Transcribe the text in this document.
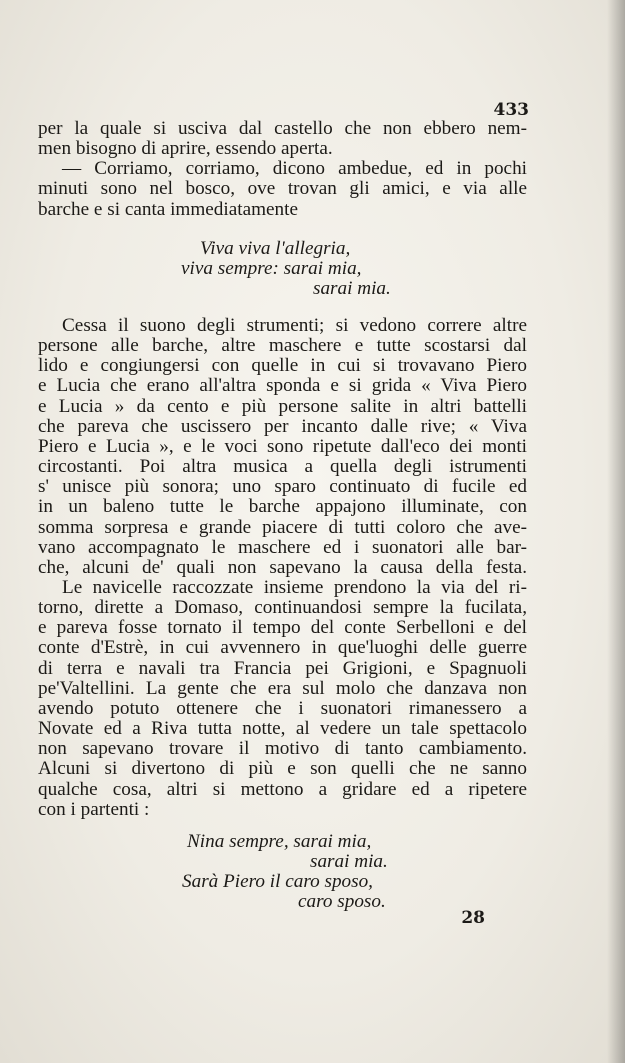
433
per la quale si usciva dal castello che non ebbero nem-
men bisogno di aprire, essendo aperta.
— Corriamo, corriamo, dicono ambedue, ed in pochi
minuti sono nel bosco, ove trovan gli amici, e via alle
barche e si canta immediatamente
Viva viva l'allegria,
viva sempre: sarai mia,
sarai mia.
Cessa il suono degli strumenti; si vedono correre altre
persone alle barche, altre maschere e tutte scostarsi dal
lido e congiungersi con quelle in cui si trovavano Piero
e Lucia che erano all'altra sponda e si grida « Viva Piero
e Lucia » da cento e più persone salite in altri battelli
che pareva che uscissero per incanto dalle rive; « Viva
Piero e Lucia », e le voci sono ripetute dall'eco dei monti
circostanti. Poi altra musica a quella degli istrumenti
s' unisce più sonora; uno sparo continuato di fucile ed
in un baleno tutte le barche appajono illuminate, con
somma sorpresa e grande piacere di tutti coloro che ave-
vano accompagnato le maschere ed i suonatori alle bar-
che, alcuni de' quali non sapevano la causa della festa.
Le navicelle raccozzate insieme prendono la via del ri-
torno, dirette a Domaso, continuandosi sempre la fucilata,
e pareva fosse tornato il tempo del conte Serbelloni e del
conte d'Estrè, in cui avvennero in que'luoghi delle guerre
di terra e navali tra Francia pei Grigioni, e Spagnuoli
pe'Valtellini. La gente che era sul molo che danzava non
avendo potuto ottenere che i suonatori rimanessero a
Novate ed a Riva tutta notte, al vedere un tale spettacolo
non sapevano trovare il motivo di tanto cambiamento.
Alcuni si divertono di più e son quelli che ne sanno
qualche cosa, altri si mettono a gridare ed a ripetere
con i partenti :
Nina sempre, sarai mia,
sarai mia.
Sarà Piero il caro sposo,
caro sposo.
28
